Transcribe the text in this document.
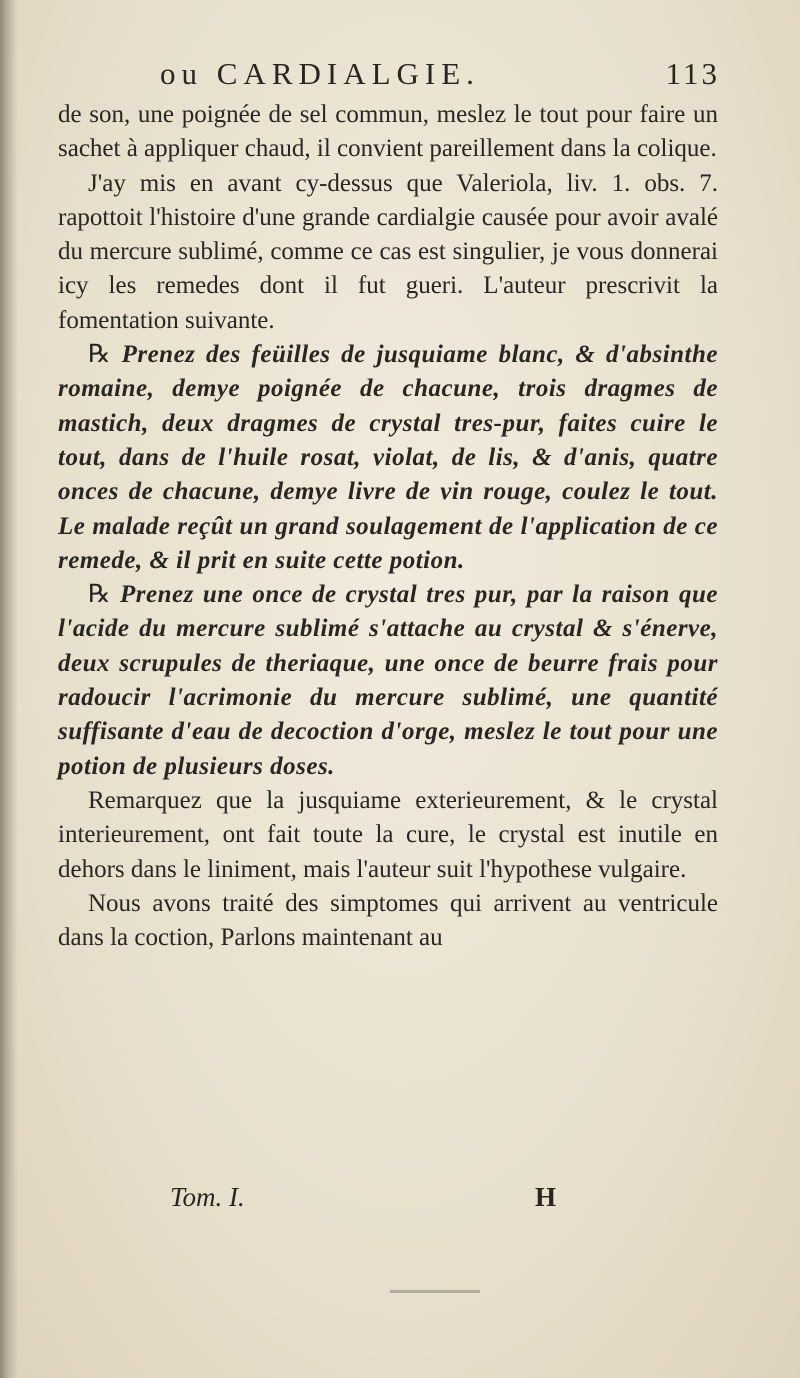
ou CARDIALGIE.	113

de son, une poignée de sel commun, meslez le tout pour faire un sachet à appliquer chaud, il convient pareillement dans la colique.

J'ay mis en avant cy-dessus que Valeriola, liv. 1. obs. 7. rapottoit l'histoire d'une grande cardialgie causée pour avoir avalé du mercure sublimé, comme ce cas est singulier, je vous donnerai icy les remedes dont il fut gueri. L'auteur prescrivit la fomentation suivante.

℞ Prenez des feüilles de jusquiame blanc, & d'absinthe romaine, demye poignée de chacune, trois dragmes de mastich, deux dragmes de crystal tres-pur, faites cuire le tout, dans de l'huile rosat, violat, de lis, & d'anis, quatre onces de chacune, demye livre de vin rouge, coulez le tout. Le malade reçût un grand soulagement de l'application de ce remede, & il prit en suite cette potion.

℞ Prenez une once de crystal tres pur, par la raison que l'acide du mercure sublimé s'attache au crystal & s'énerve, deux scrupules de theriaque, une once de beurre frais pour radoucir l'acrimonie du mercure sublimé, une quantité suffisante d'eau de decoction d'orge, meslez le tout pour une potion de plusieurs doses.

Remarquez que la jusquiame exterieurement, & le crystal interieurement, ont fait toute la cure, le crystal est inutile en dehors dans le liniment, mais l'auteur suit l'hypothese vulgaire.

Nous avons traité des simptomes qui arrivent au ventricule dans la coction, Parlons maintenant au

Tom. I.	H
